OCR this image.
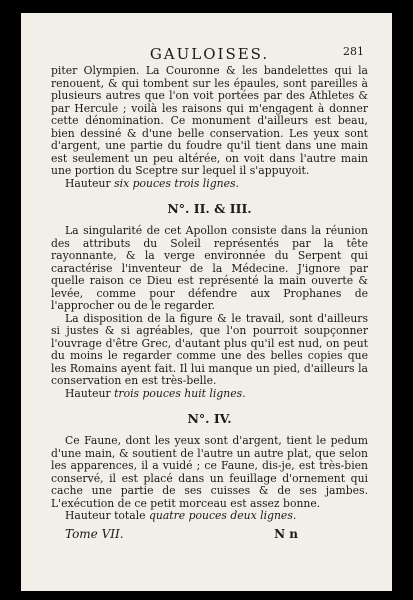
GAULOISES.	281

piter Olympien. La Couronne & les bandelettes qui la renouent, & qui tombent sur les épaules, sont pareilles à plusieurs autres que l'on voit portées par des Athletes & par Hercule ; voilà les raisons qui m'engagent à donner cette dénomination. Ce monument d'ailleurs est beau, bien dessiné & d'une belle conservation. Les yeux sont d'argent, une partie du foudre qu'il tient dans une main est seulement un peu altérée, on voit dans l'autre main une portion du Sceptre sur lequel il s'appuyoit.

Hauteur six pouces trois lignes.
N°. II. & III.

La singularité de cet Apollon consiste dans la réunion des attributs du Soleil représentés par la tête rayonnante, & la verge environnée du Serpent qui caractérise l'inventeur de la Médecine. J'ignore par quelle raison ce Dieu est représenté la main ouverte & levée, comme pour défendre aux Prophanes de l'approcher ou de le regarder.

La disposition de la figure & le travail, sont d'ailleurs si justes & si agréables, que l'on pourroit soupçonner l'ouvrage d'être Grec, d'autant plus qu'il est nud, on peut du moins le regarder comme une des belles copies que les Romains ayent fait. Il lui manque un pied, d'ailleurs la conservation en est très-belle.

Hauteur trois pouces huit lignes.
N°. IV.

Ce Faune, dont les yeux sont d'argent, tient le pedum d'une main, & soutient de l'autre un autre plat, que selon les apparences, il a vuidé ; ce Faune, dis-je, est très-bien conservé, il est placé dans un feuillage d'ornement qui cache une partie de ses cuisses & de ses jambes. L'exécution de ce petit morceau est assez bonne.

Hauteur totale quatre pouces deux lignes.
Tome VII.	N n
